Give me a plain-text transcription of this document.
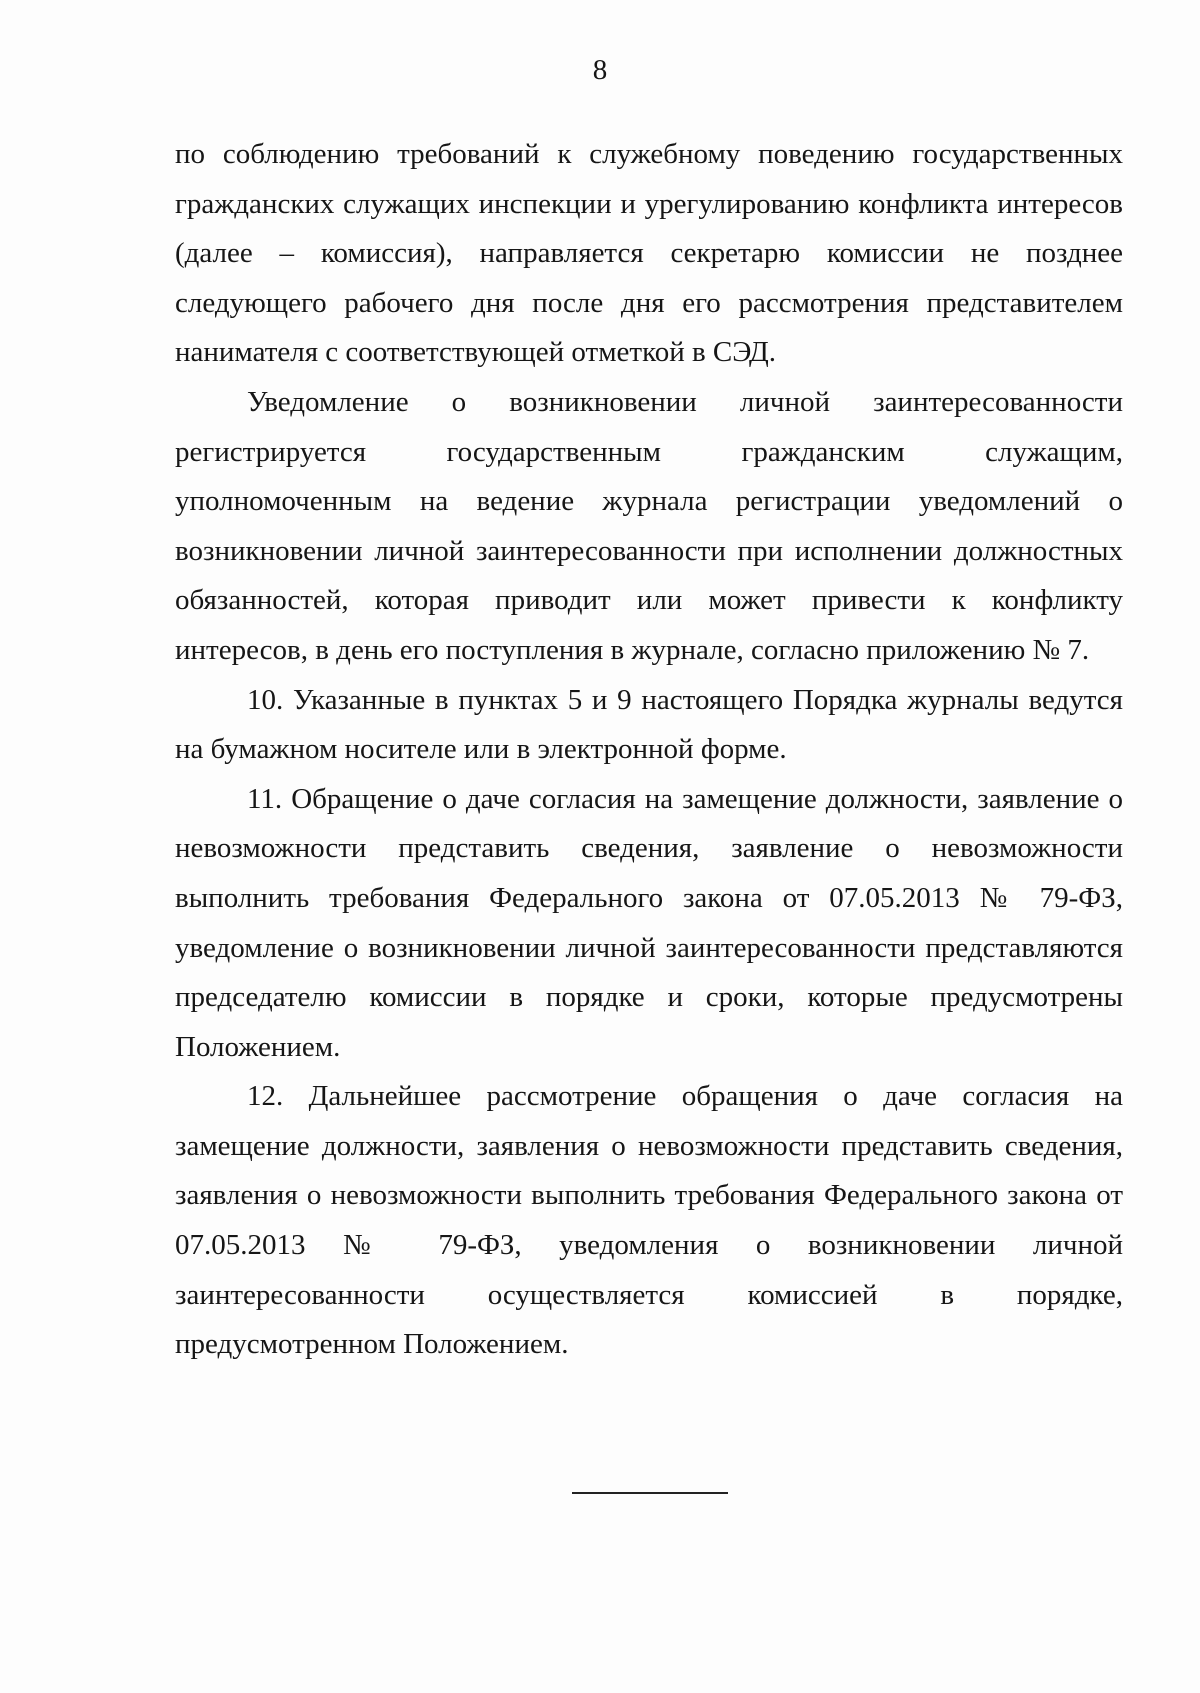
8

по соблюдению требований к служебному поведению государственных гражданских служащих инспекции и урегулированию конфликта интересов (далее – комиссия), направляется секретарю комиссии не позднее следующего рабочего дня после дня его рассмотрения представителем нанимателя с соответствующей отметкой в СЭД.

Уведомление о возникновении личной заинтересованности регистрируется государственным гражданским служащим, уполномоченным на ведение журнала регистрации уведомлений о возникновении личной заинтересованности при исполнении должностных обязанностей, которая приводит или может привести к конфликту интересов, в день его поступления в журнале, согласно приложению № 7.

10. Указанные в пунктах 5 и 9 настоящего Порядка журналы ведутся на бумажном носителе или в электронной форме.

11. Обращение о даче согласия на замещение должности, заявление о невозможности представить сведения, заявление о невозможности выполнить требования Федерального закона от 07.05.2013 № 79-ФЗ, уведомление о возникновении личной заинтересованности представляются председателю комиссии в порядке и сроки, которые предусмотрены Положением.

12. Дальнейшее рассмотрение обращения о даче согласия на замещение должности, заявления о невозможности представить сведения, заявления о невозможности выполнить требования Федерального закона от 07.05.2013 № 79-ФЗ, уведомления о возникновении личной заинтересованности осуществляется комиссией в порядке, предусмотренном Положением.
